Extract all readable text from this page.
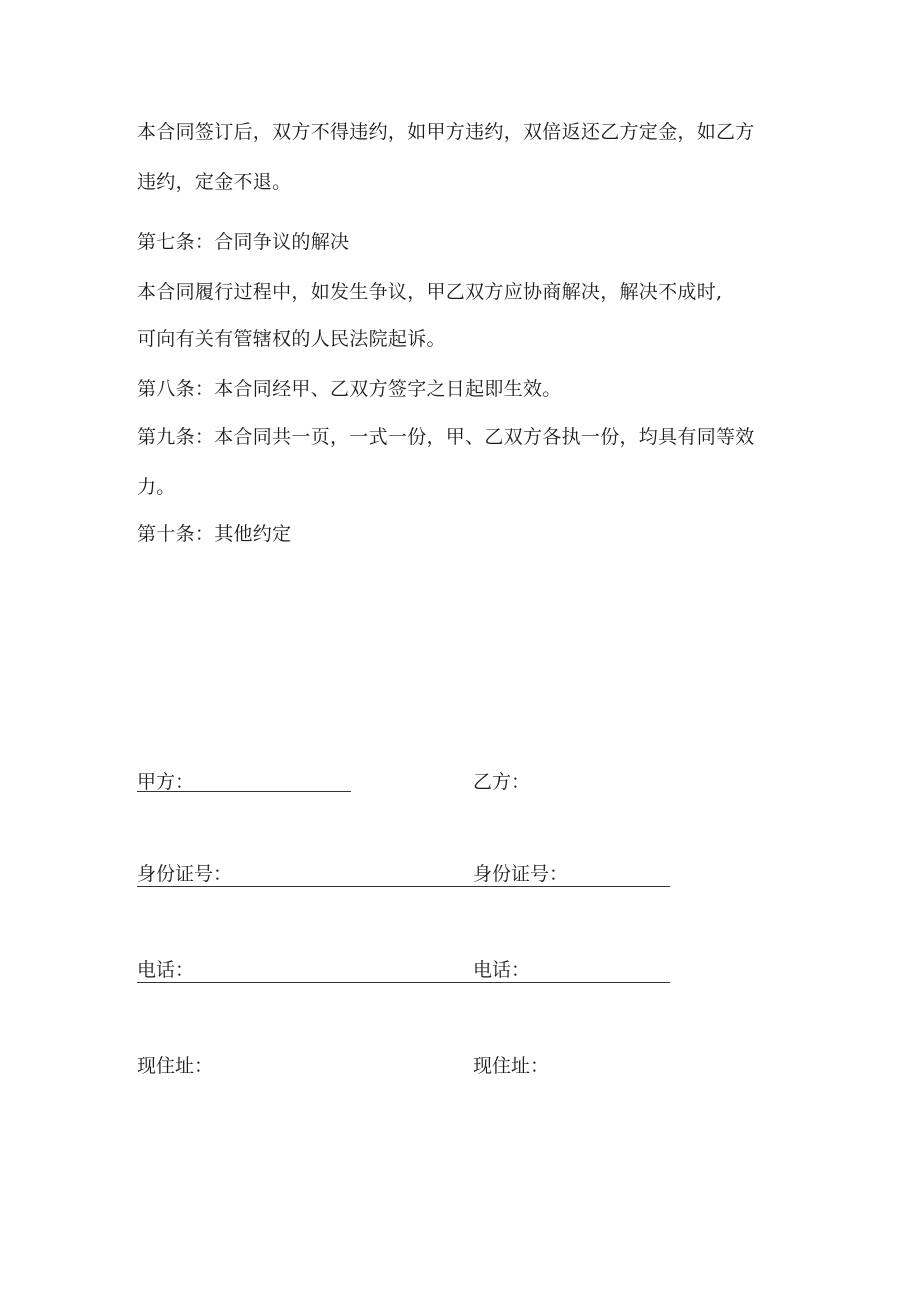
本合同签订后，双方不得违约，如甲方违约，双倍返还乙方定金，如乙方
违约，定金不退。
第七条：合同争议的解决
本合同履行过程中，如发生争议，甲乙双方应协商解决，解决不成时,
可向有关有管辖权的人民法院起诉。
第八条：本合同经甲、乙双方签字之日起即生效。
第九条：本合同共一页，一式一份，甲、乙双方各执一份，均具有同等效
力。
第十条：其他约定
甲方：	乙方：
身份证号：	身份证号：
电话：	电话：
现住址：	现住址：
